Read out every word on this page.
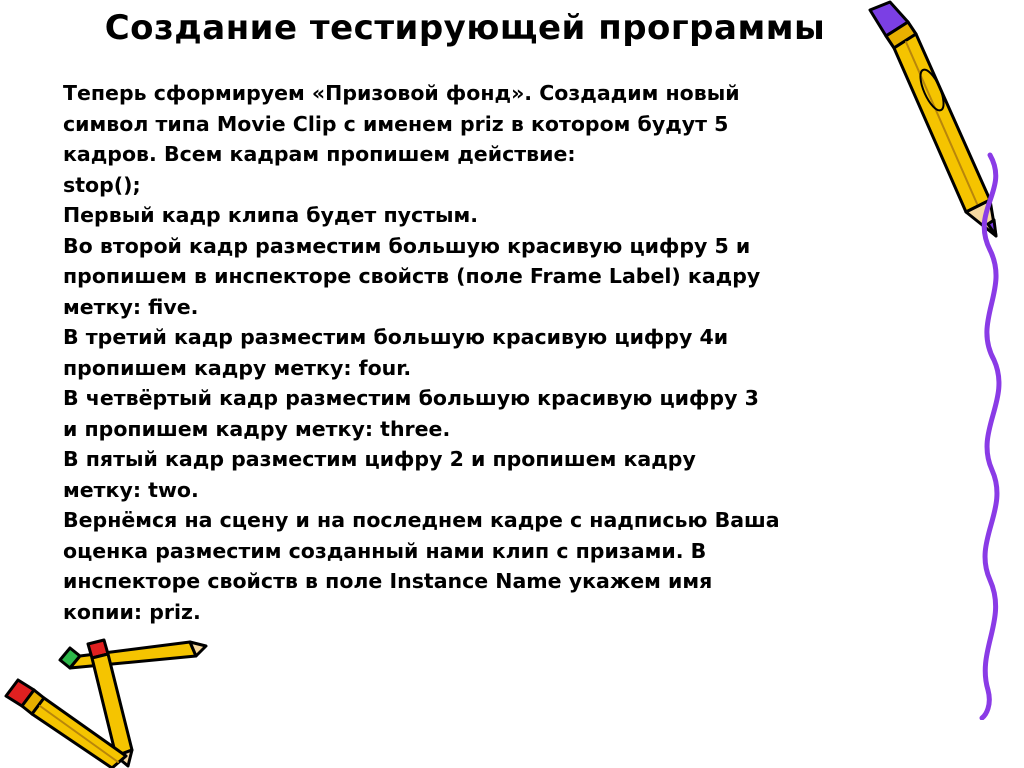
Создание тестирующей программы
Теперь сформируем «Призовой фонд». Создадим новый
символ типа Movie Clip с именем priz в котором будут 5
кадров. Всем кадрам пропишем действие:
stop();
Первый кадр клипа будет пустым.
Во второй кадр разместим большую красивую цифру 5 и
пропишем в инспекторе свойств (поле Frame Label) кадру
метку: five.
В третий кадр разместим большую красивую цифру 4и
пропишем кадру метку: four.
В четвёртый кадр разместим большую красивую цифру 3
и пропишем кадру метку: three.
В пятый кадр разместим цифру 2 и пропишем кадру
метку: two.
Вернёмся на сцену и на последнем кадре с надписью Ваша
оценка разместим созданный нами клип с призами. В
инспекторе свойств в поле Instance Name укажем имя
копии: priz.
